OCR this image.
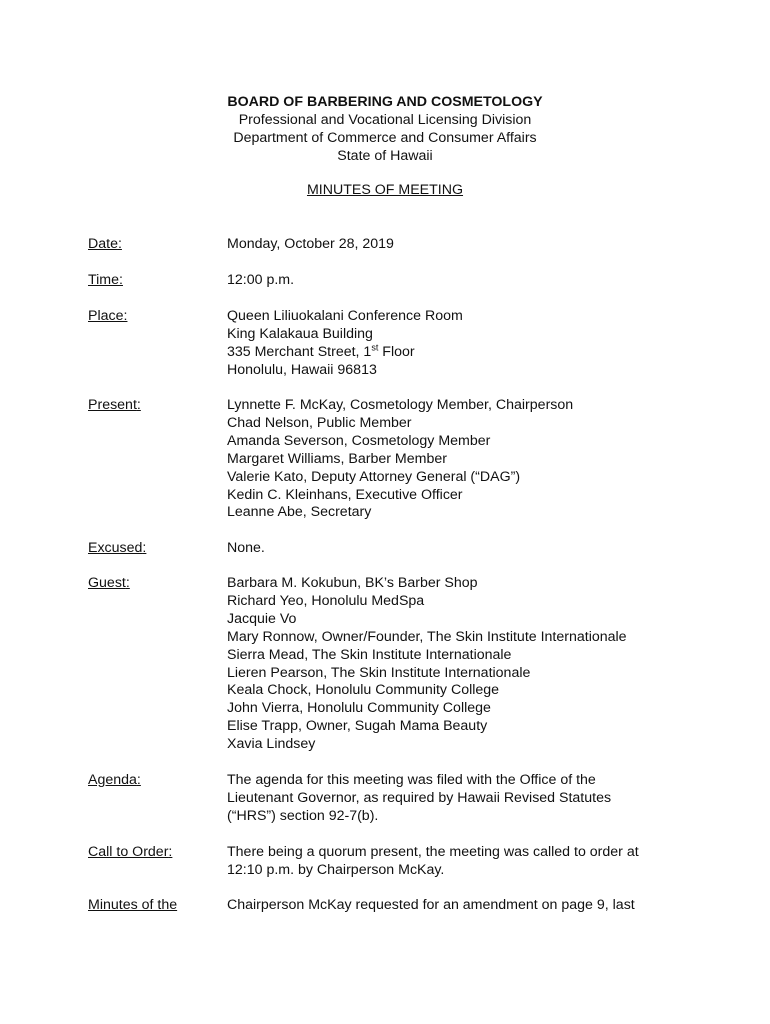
BOARD OF BARBERING AND COSMETOLOGY
Professional and Vocational Licensing Division
Department of Commerce and Consumer Affairs
State of Hawaii
MINUTES OF MEETING
Date:	Monday, October 28, 2019
Time:	12:00 p.m.
Place:	Queen Liliuokalani Conference Room
King Kalakaua Building
335 Merchant Street, 1st Floor
Honolulu, Hawaii 96813
Present:	Lynnette F. McKay, Cosmetology Member, Chairperson
Chad Nelson, Public Member
Amanda Severson, Cosmetology Member
Margaret Williams, Barber Member
Valerie Kato, Deputy Attorney General (“DAG”)
Kedin C. Kleinhans, Executive Officer
Leanne Abe, Secretary
Excused:	None.
Guest:	Barbara M. Kokubun, BK’s Barber Shop
Richard Yeo, Honolulu MedSpa
Jacquie Vo
Mary Ronnow, Owner/Founder, The Skin Institute Internationale
Sierra Mead, The Skin Institute Internationale
Lieren Pearson, The Skin Institute Internationale
Keala Chock, Honolulu Community College
John Vierra, Honolulu Community College
Elise Trapp, Owner, Sugah Mama Beauty
Xavia Lindsey
Agenda:	The agenda for this meeting was filed with the Office of the
Lieutenant Governor, as required by Hawaii Revised Statutes
(“HRS”) section 92-7(b).
Call to Order:	There being a quorum present, the meeting was called to order at
12:10 p.m. by Chairperson McKay.
Minutes of the	Chairperson McKay requested for an amendment on page 9, last
